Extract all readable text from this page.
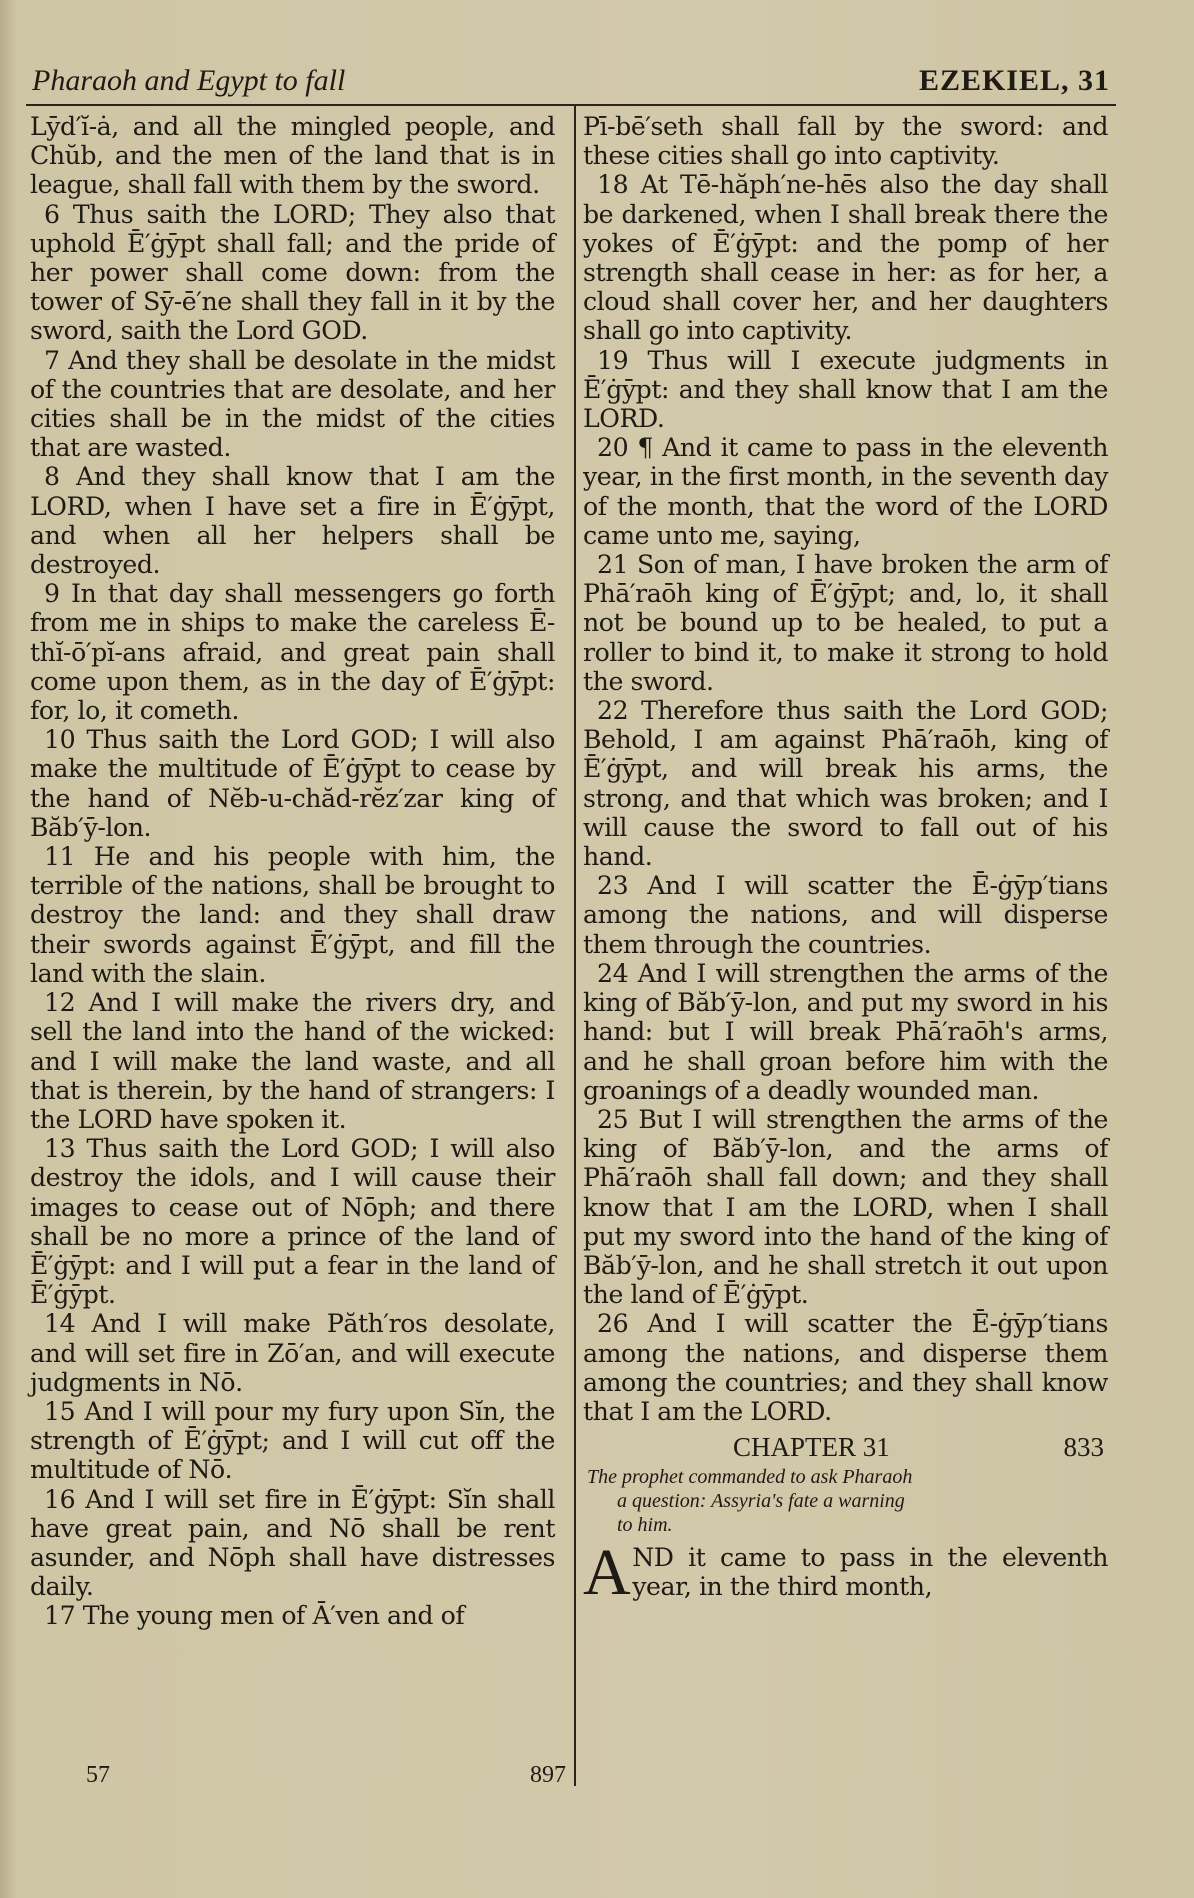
Pharaoh and Egypt to fall	EZEKIEL, 31

Lȳd′ĭ-ȧ, and all the mingled people, and Chŭb, and the men of the land that is in league, shall fall with them by the sword.

6 Thus saith the LORD; They also that uphold Ē′ġȳpt shall fall; and the pride of her power shall come down: from the tower of Sȳ-ē′ne shall they fall in it by the sword, saith the Lord GOD.

7 And they shall be desolate in the midst of the countries that are desolate, and her cities shall be in the midst of the cities that are wasted.

8 And they shall know that I am the LORD, when I have set a fire in Ē′ġȳpt, and when all her helpers shall be destroyed.

9 In that day shall messengers go forth from me in ships to make the careless Ē-thĭ-ō′pĭ-ans afraid, and great pain shall come upon them, as in the day of Ē′ġȳpt: for, lo, it cometh.

10 Thus saith the Lord GOD; I will also make the multitude of Ē′ġȳpt to cease by the hand of Nĕb-u-chăd-rĕz′zar king of Băb′ȳ-lon.

11 He and his people with him, the terrible of the nations, shall be brought to destroy the land: and they shall draw their swords against Ē′ġȳpt, and fill the land with the slain.

12 And I will make the rivers dry, and sell the land into the hand of the wicked: and I will make the land waste, and all that is therein, by the hand of strangers: I the LORD have spoken it.

13 Thus saith the Lord GOD; I will also destroy the idols, and I will cause their images to cease out of Nōph; and there shall be no more a prince of the land of Ē′ġȳpt: and I will put a fear in the land of Ē′ġȳpt.

14 And I will make Păth′ros desolate, and will set fire in Zō′an, and will execute judgments in Nō.

15 And I will pour my fury upon Sĭn, the strength of Ē′ġȳpt; and I will cut off the multitude of Nō.

16 And I will set fire in Ē′ġȳpt: Sĭn shall have great pain, and Nō shall be rent asunder, and Nōph shall have distresses daily.

17 The young men of Ā′ven and of

Pī-bē′seth shall fall by the sword: and these cities shall go into captivity.

18 At Tē-hăph′ne-hēs also the day shall be darkened, when I shall break there the yokes of Ē′ġȳpt: and the pomp of her strength shall cease in her: as for her, a cloud shall cover her, and her daughters shall go into captivity.

19 Thus will I execute judgments in Ē′ġȳpt: and they shall know that I am the LORD.

20 ¶ And it came to pass in the eleventh year, in the first month, in the seventh day of the month, that the word of the LORD came unto me, saying,

21 Son of man, I have broken the arm of Phā′raōh king of Ē′ġȳpt; and, lo, it shall not be bound up to be healed, to put a roller to bind it, to make it strong to hold the sword.

22 Therefore thus saith the Lord GOD; Behold, I am against Phā′raōh, king of Ē′ġȳpt, and will break his arms, the strong, and that which was broken; and I will cause the sword to fall out of his hand.

23 And I will scatter the Ē-ġȳp′tians among the nations, and will disperse them through the countries.

24 And I will strengthen the arms of the king of Băb′ȳ-lon, and put my sword in his hand: but I will break Phā′raōh's arms, and he shall groan before him with the groanings of a deadly wounded man.

25 But I will strengthen the arms of the king of Băb′ȳ-lon, and the arms of Phā′raōh shall fall down; and they shall know that I am the LORD, when I shall put my sword into the hand of the king of Băb′ȳ-lon, and he shall stretch it out upon the land of Ē′ġȳpt.

26 And I will scatter the Ē-ġȳp′tians among the nations, and disperse them among the countries; and they shall know that I am the LORD.

CHAPTER 31	833
The prophet commanded to ask Pharaoh
a question: Assyria's fate a warning
to him.

A ND it came to pass in the eleventh year, in the third month,

57	897
